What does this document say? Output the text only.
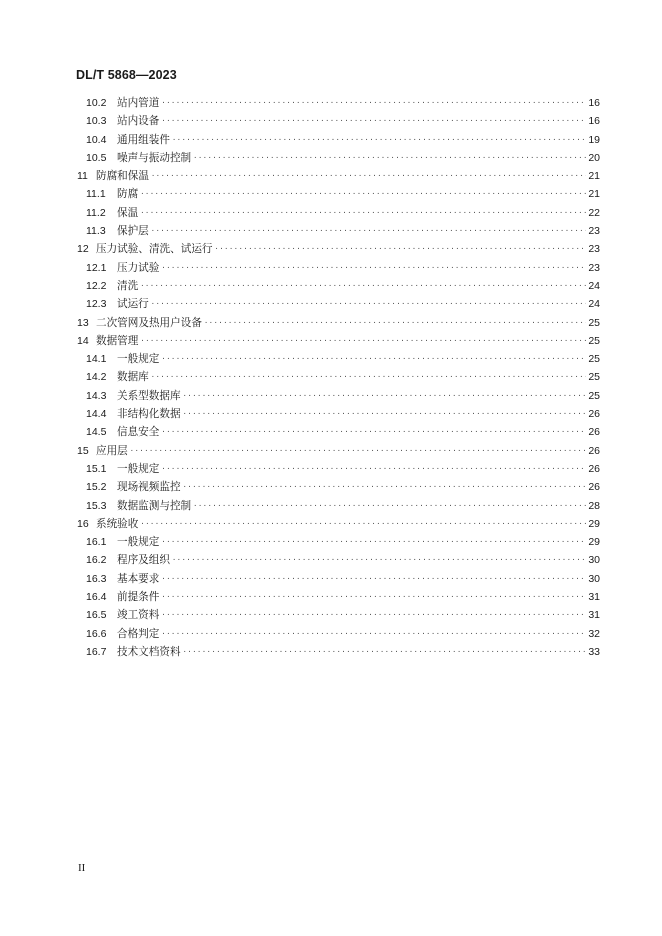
DL/T 5868—2023
10.2 站内管道 ·····	16
10.3 站内设备 ·····	16
10.4 通用组装件 ·····	19
10.5 噪声与振动控制 ·····	20
11 防腐和保温 ·····	21
11.1 防腐 ·····	21
11.2 保温 ·····	22
11.3 保护层 ·····	23
12 压力试验、清洗、试运行 ·····	23
12.1 压力试验 ·····	23
12.2 清洗 ·····	24
12.3 试运行 ·····	24
13 二次管网及热用户设备 ·····	25
14 数据管理 ·····	25
14.1 一般规定 ·····	25
14.2 数据库 ·····	25
14.3 关系型数据库 ·····	25
14.4 非结构化数据 ·····	26
14.5 信息安全 ·····	26
15 应用层 ·····	26
15.1 一般规定 ·····	26
15.2 现场视频监控 ·····	26
15.3 数据监测与控制 ·····	28
16 系统验收 ·····	29
16.1 一般规定 ·····	29
16.2 程序及组织 ·····	30
16.3 基本要求 ·····	30
16.4 前提条件 ·····	31
16.5 竣工资料 ·····	31
16.6 合格判定 ·····	32
16.7 技术文档资料 ·····	33
II
